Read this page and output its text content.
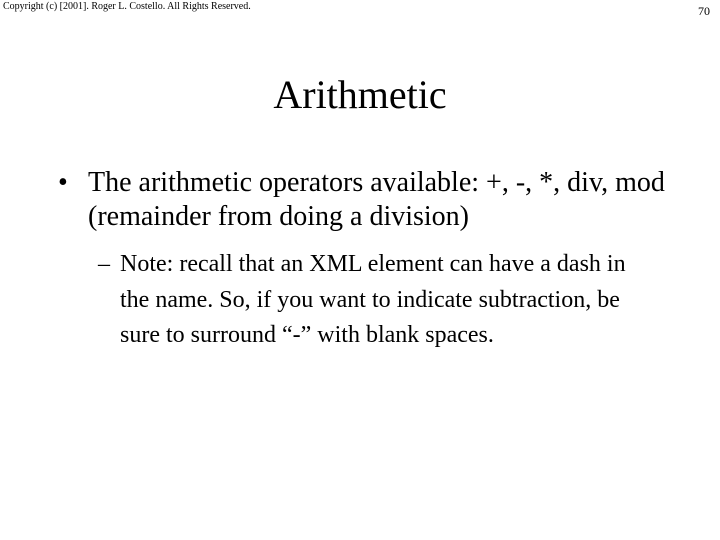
Copyright (c) [2001]. Roger L. Costello. All Rights Reserved.	70
Arithmetic
• The arithmetic operators available: +, -, *, div, mod (remainder from doing a division)
– Note: recall that an XML element can have a dash in the name. So, if you want to indicate subtraction, be sure to surround “-” with blank spaces.
